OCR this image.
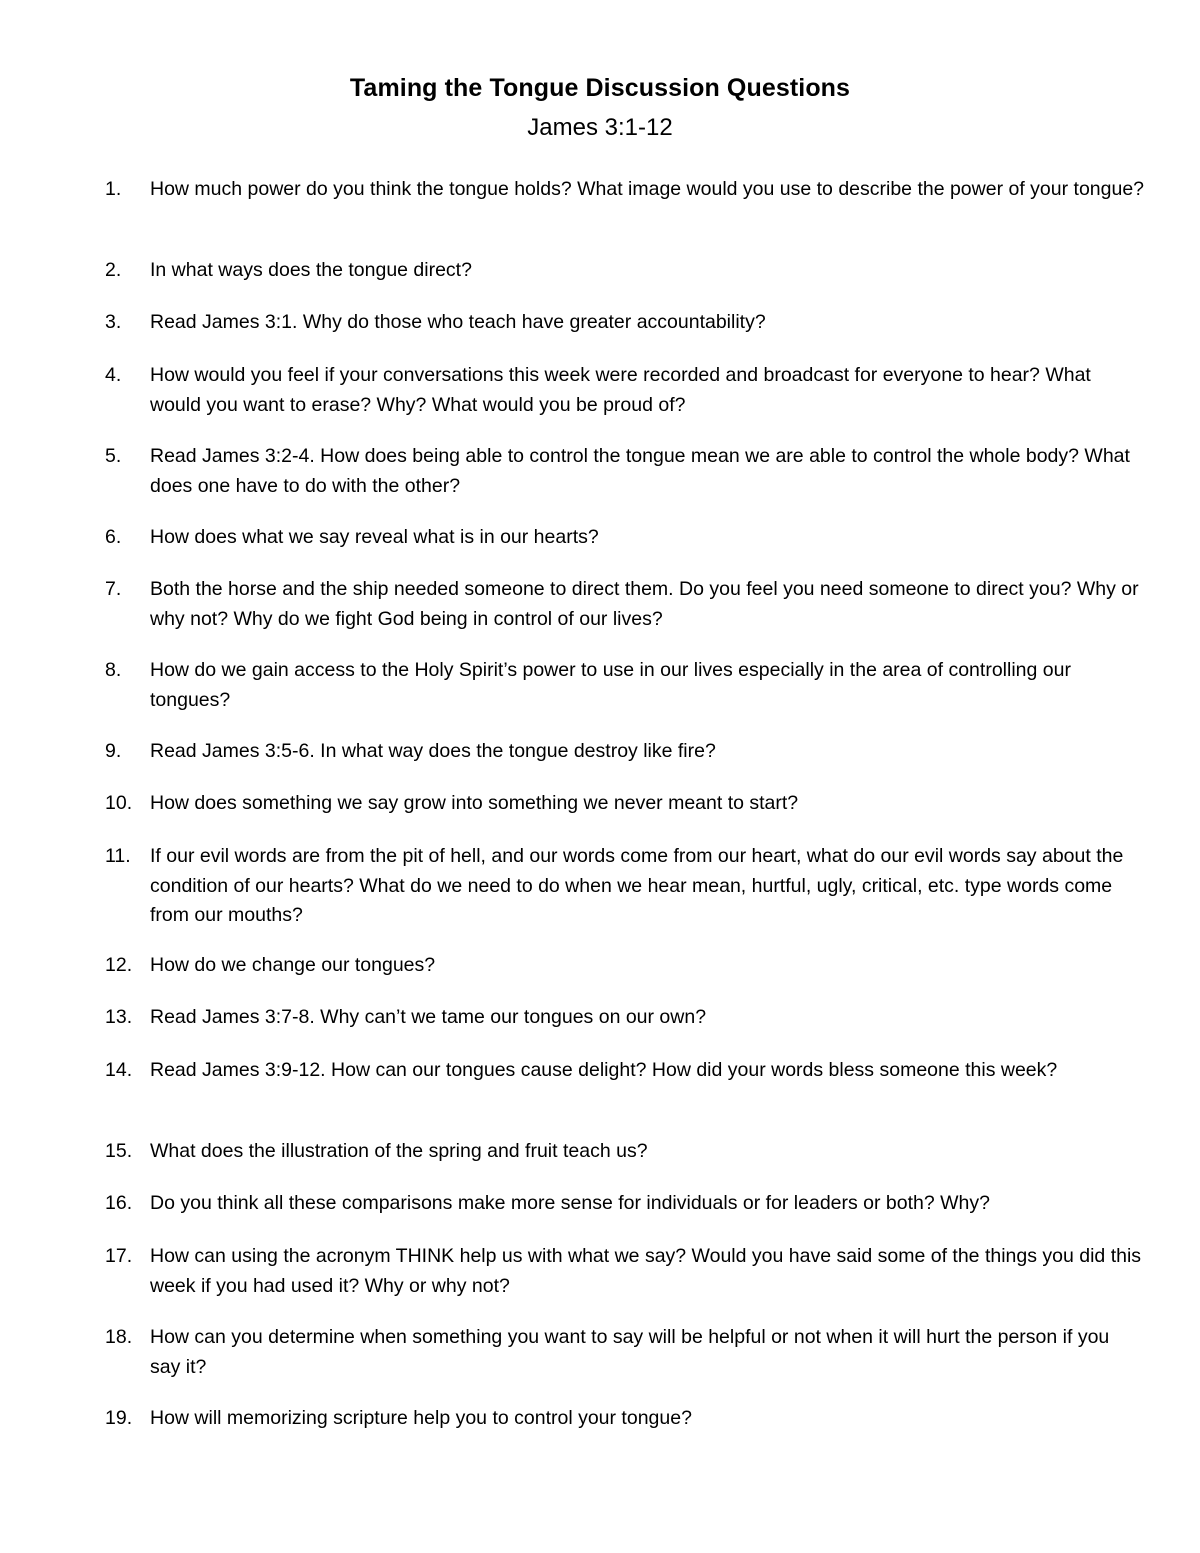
Taming the Tongue Discussion Questions
James 3:1-12
1.	How much power do you think the tongue holds? What image would you use to describe the power of your tongue?
2.	In what ways does the tongue direct?
3.	Read James 3:1. Why do those who teach have greater accountability?
4.	How would you feel if your conversations this week were recorded and broadcast for everyone to hear? What would you want to erase? Why? What would you be proud of?
5.	Read James 3:2-4. How does being able to control the tongue mean we are able to control the whole body? What does one have to do with the other?
6.	How does what we say reveal what is in our hearts?
7.	Both the horse and the ship needed someone to direct them. Do you feel you need someone to direct you? Why or why not? Why do we fight God being in control of our lives?
8.	How do we gain access to the Holy Spirit’s power to use in our lives especially in the area of controlling our tongues?
9.	Read James 3:5-6. In what way does the tongue destroy like fire?
10. How does something we say grow into something we never meant to start?
11. If our evil words are from the pit of hell, and our words come from our heart, what do our evil words say about the condition of our hearts? What do we need to do when we hear mean, hurtful, ugly, critical, etc. type words come from our mouths?
12. How do we change our tongues?
13. Read James 3:7-8. Why can’t we tame our tongues on our own?
14. Read James 3:9-12. How can our tongues cause delight? How did your words bless someone this week?
15. What does the illustration of the spring and fruit teach us?
16. Do you think all these comparisons make more sense for individuals or for leaders or both? Why?
17. How can using the acronym THINK help us with what we say? Would you have said some of the things you did this week if you had used it? Why or why not?
18. How can you determine when something you want to say will be helpful or not when it will hurt the person if you say it?
19. How will memorizing scripture help you to control your tongue?
